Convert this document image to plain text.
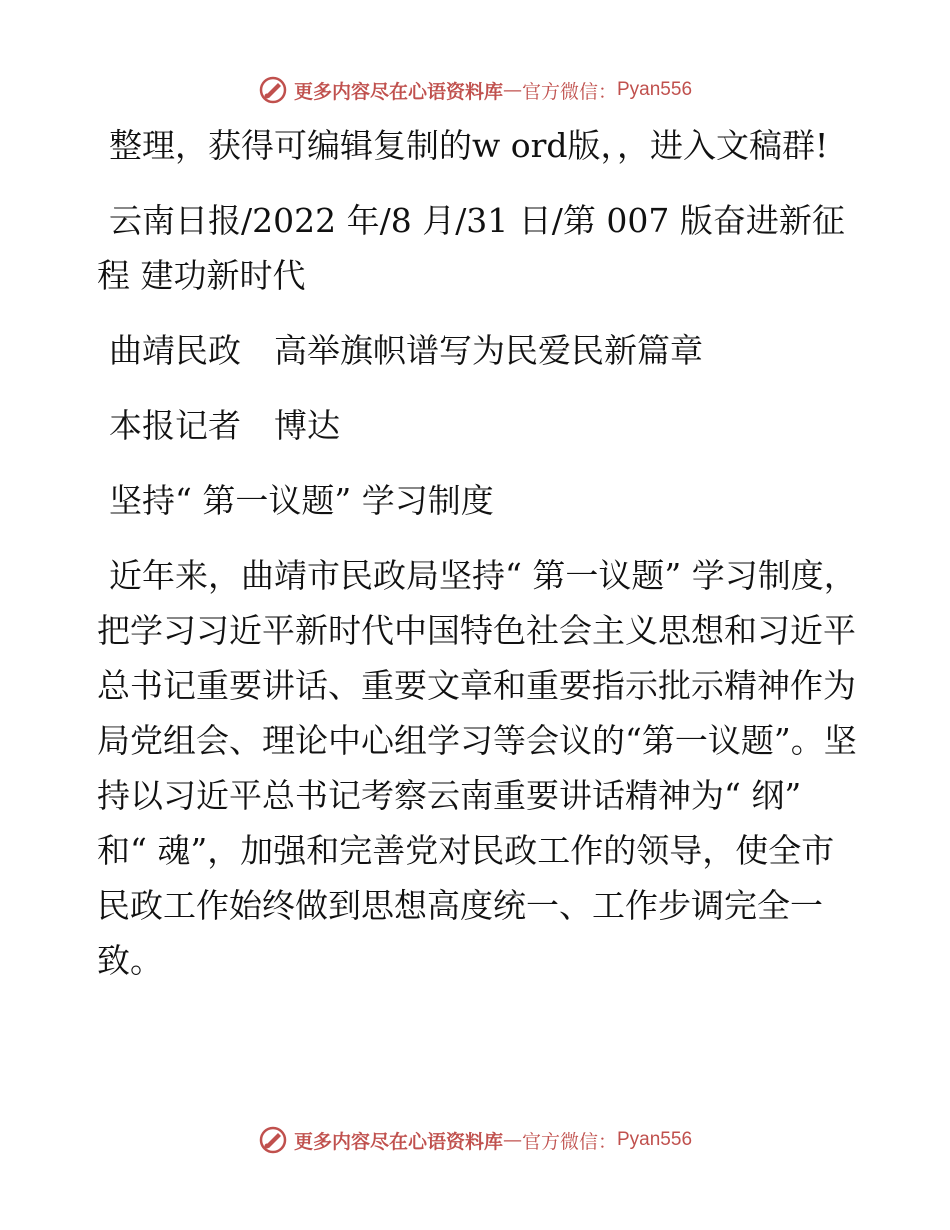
更多内容尽在心语资料库 — 官方微信： Pyan556

整理，获得可编辑复制的w ord版，，进入文稿群!

云南日报/2022 年/8 月/31 日/第 007 版奋进新征程 建功新时代

曲靖民政　高举旗帜谱写为民爱民新篇章

本报记者　博达

坚持“ 第一议题” 学习制度

近年来，曲靖市民政局坚持“ 第一议题” 学习制度，把学习习近平新时代中国特色社会主义思想和习近平总书记重要讲话、重要文章和重要指示批示精神作为局党组会、理论中心组学习等会议的“第一议题”。坚持以习近平总书记考察云南重要讲话精神为“ 纲” 和“ 魂”，加强和完善党对民政工作的领导，使全市民政工作始终做到思想高度统一、工作步调完全一致。

更多内容尽在心语资料库 — 官方微信： Pyan556
